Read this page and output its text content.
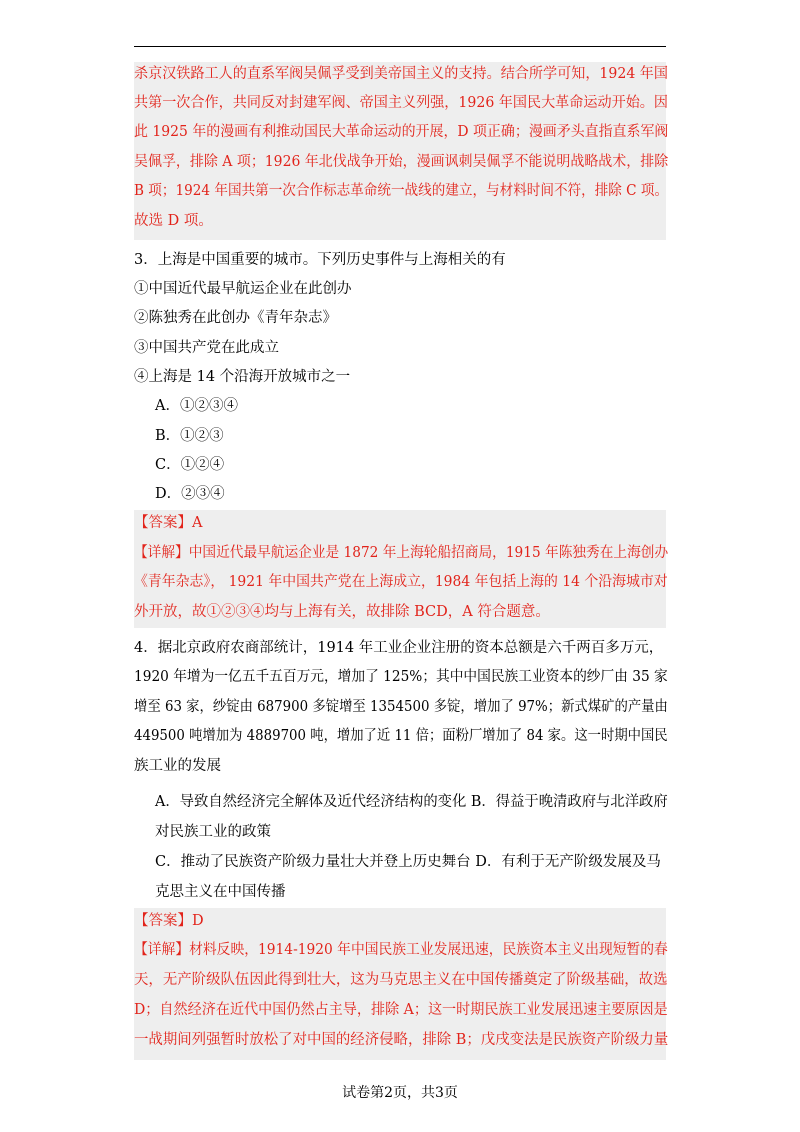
杀京汉铁路工人的直系军阀吴佩孚受到美帝国主义的支持。结合所学可知，1924 年国
共第一次合作，共同反对封建军阀、帝国主义列强，1926 年国民大革命运动开始。因
此 1925 年的漫画有利推动国民大革命运动的开展，D 项正确；漫画矛头直指直系军阀
吴佩孚，排除 A 项；1926 年北伐战争开始，漫画讽刺吴佩孚不能说明战略战术，排除
B 项；1924 年国共第一次合作标志革命统一战线的建立，与材料时间不符，排除 C 项。
故选 D 项。
3．上海是中国重要的城市。下列历史事件与上海相关的有
①中国近代最早航运企业在此创办
②陈独秀在此创办《青年杂志》
③中国共产党在此成立
④上海是 14 个沿海开放城市之一
A．①②③④
B．①②③
C．①②④
D．②③④
【答案】A
【详解】中国近代最早航运企业是 1872 年上海轮船招商局，1915 年陈独秀在上海创办
《青年杂志》， 1921 年中国共产党在上海成立，1984 年包括上海的 14 个沿海城市对
外开放，故①②③④均与上海有关，故排除 BCD，A 符合题意。
4．据北京政府农商部统计，1914 年工业企业注册的资本总额是六千两百多万元，
1920 年增为一亿五千五百万元，增加了 125%；其中中国民族工业资本的纱厂由 35 家
增至 63 家，纱锭由 687900 多锭增至 1354500 多锭，增加了 97%；新式煤矿的产量由
449500 吨增加为 4889700 吨，增加了近 11 倍；面粉厂增加了 84 家。这一时期中国民
族工业的发展
A．导致自然经济完全解体及近代经济结构的变化 B．得益于晚清政府与北洋政府
对民族工业的政策
C．推动了民族资产阶级力量壮大并登上历史舞台 D．有利于无产阶级发展及马
克思主义在中国传播
【答案】D
【详解】材料反映，1914-1920 年中国民族工业发展迅速，民族资本主义出现短暂的春
天，无产阶级队伍因此得到壮大，这为马克思主义在中国传播奠定了阶级基础，故选
D；自然经济在近代中国仍然占主导，排除 A；这一时期民族工业发展迅速主要原因是
一战期间列强暂时放松了对中国的经济侵略，排除 B；戊戌变法是民族资产阶级力量
试卷第2页，共3页
